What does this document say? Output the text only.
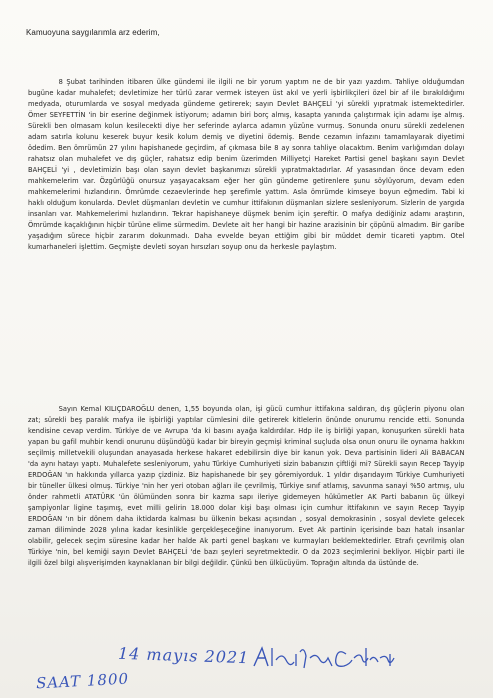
Kamuoyuna saygılarımla arz ederim,

8 Şubat tarihinden itibaren ülke gündemi ile ilgili ne bir yorum yaptım ne de bir yazı yazdım. Tahliye olduğumdan bugüne kadar muhalefet; devletimize her türlü zarar vermek isteyen üst akıl ve yerli işbirlikçileri özel bir af ile bırakıldığımı medyada, oturumlarda ve sosyal medyada gündeme getirerek; sayın Devlet BAHÇELİ 'yi sürekli yıpratmak istemektedirler. Ömer SEYFETTİN 'in bir eserine değinmek istiyorum; adamın biri borç almış, kasapta yanında çalıştırmak için adamı işe almış. Sürekli ben olmasam kolun kesilecekti diye her seferinde aylarca adamın yüzüne vurmuş. Sonunda onuru sürekli zedelenen adam satırla kolunu keserek buyur kesik kolum demiş ve diyetini ödemiş. Bende cezamın infazını tamamlayarak diyetimi ödedim. Ben ömrümün 27 yılını hapishanede geçirdim, af çıkmasa bile 8 ay sonra tahliye olacaktım. Benim varlığımdan dolayı rahatsız olan muhalefet ve dış güçler, rahatsız edip benim üzerimden Milliyetçi Hareket Partisi genel başkanı sayın Devlet BAHÇELİ 'yi , devletimizin başı olan sayın devlet başkanımızı sürekli yıpratmaktadırlar. Af yasasından önce devam eden mahkemelerim var. Özgürlüğü onursuz yaşayacaksam eğer her gün gündeme getirenlere şunu söylüyorum, devam eden mahkemelerimi hızlandırın. Ömrümde cezaevlerinde hep şerefimle yattım. Asla ömrümde kimseye boyun eğmedim. Tabi ki haklı olduğum konulardа. Devlet düşmanları devletin ve cumhur ittifakının düşmanları sizlere sesleniyorum. Sizlerin de yargıda insanları var. Mahkemelerimi hızlandırın. Tekrar hapishaneye düşmek benim için şereftir. O mafya dediğiniz adamı araştırın, Ömrümde kaçaklığının hiçbir türüne elime sürmedim. Devlete ait her hangi bir hazine arazisinin bir çöpünü almadım. Bir garibe yaşadığım sürece hiçbir zararım dokunmadı. Daha evvelde beyan ettiğim gibi bir müddet demir ticareti yaptım. Otel kumarhaneleri işlettim. Geçmişte devleti soyan hırsızları soyup onu da herkesle paylaştım.

Sayın Kemal KILIÇDAROĞLU denen, 1,55 boyunda olan, işi gücü cumhur ittifakına saldıran, dış güçlerin piyonu olan zat; sürekli beş paralık mafya ile işbirliği yaptılar cümlesini dile getirerek kitlelerin önünde onurumu rencide etti. Sonunda kendisine cevap verdim. Türkiye de ve Avrupa 'da ki basını ayağa kaldırdılar. Hdp ile iş birliği yapan, konuşurken sürekli hata yapan bu gafil muhbir kendi onurunu düşündüğü kadar bir bireyin geçmişi kriminal suçluda olsa onun onuru ile oynama hakkını seçilmiş milletvekili oluşundan anayasada herkese hakaret edebilirsin diye bir kanun yok. Deva partisinin lideri Ali BABACAN 'da aynı hatayı yaptı. Muhalefete sesleniyorum, yahu Türkiye Cumhuriyeti sizin babanızın çiftliği mi? Sürekli sayın Recep Tayyip ERDOĞAN 'ın hakkında yıllarca yazıp çizdiniz. Biz hapishanede bir şey göremiyorduk. 1 yıldır dışarıdayım Türkiye Cumhuriyeti bir tüneller ülkesi olmuş. Türkiye 'nin her yeri otoban ağları ile çevrilmiş, Türkiye sınıf atlamış, savunma sanayi %50 artmış, ulu önder rahmetli ATATÜRK 'ün ölümünden sonra bir kazma sapı ileriye gidemeyen hükümetler AK Parti babanın üç ülkeyi şampiyonlar ligine taşımış, evet milli gelirin 18.000 dolar kişi başı olması için cumhur ittifakının ve sayın Recep Tayyip ERDOĞAN 'ın bir dönem daha iktidarda kalması bu ülkenin bekası açısından , sosyal demokrasinin , sosyal devlete gelecek zaman diliminde 2028 yılına kadar kesinlikle gerçekleşeceğine inanıyorum. Evet Ak partinin içerisinde bazı hatalı insanlar olabilir, gelecek seçim süresine kadar her halde Ak parti genel başkanı ve kurmayları beklemektedirler. Etrafı çevrilmiş olan Türkiye 'nin, bel kemiği sayın Devlet BAHÇELİ 'de bazı şeyleri seyretmektedir. O da 2023 seçimlerini bekliyor. Hiçbir parti ile ilgili özel bilgi alışverişimden kaynaklanan bir bilgi değildir. Çünkü ben ülkücüyüm. Toprağın altında da üstünde de.

14 mayıs 2021
SAAT 1800
